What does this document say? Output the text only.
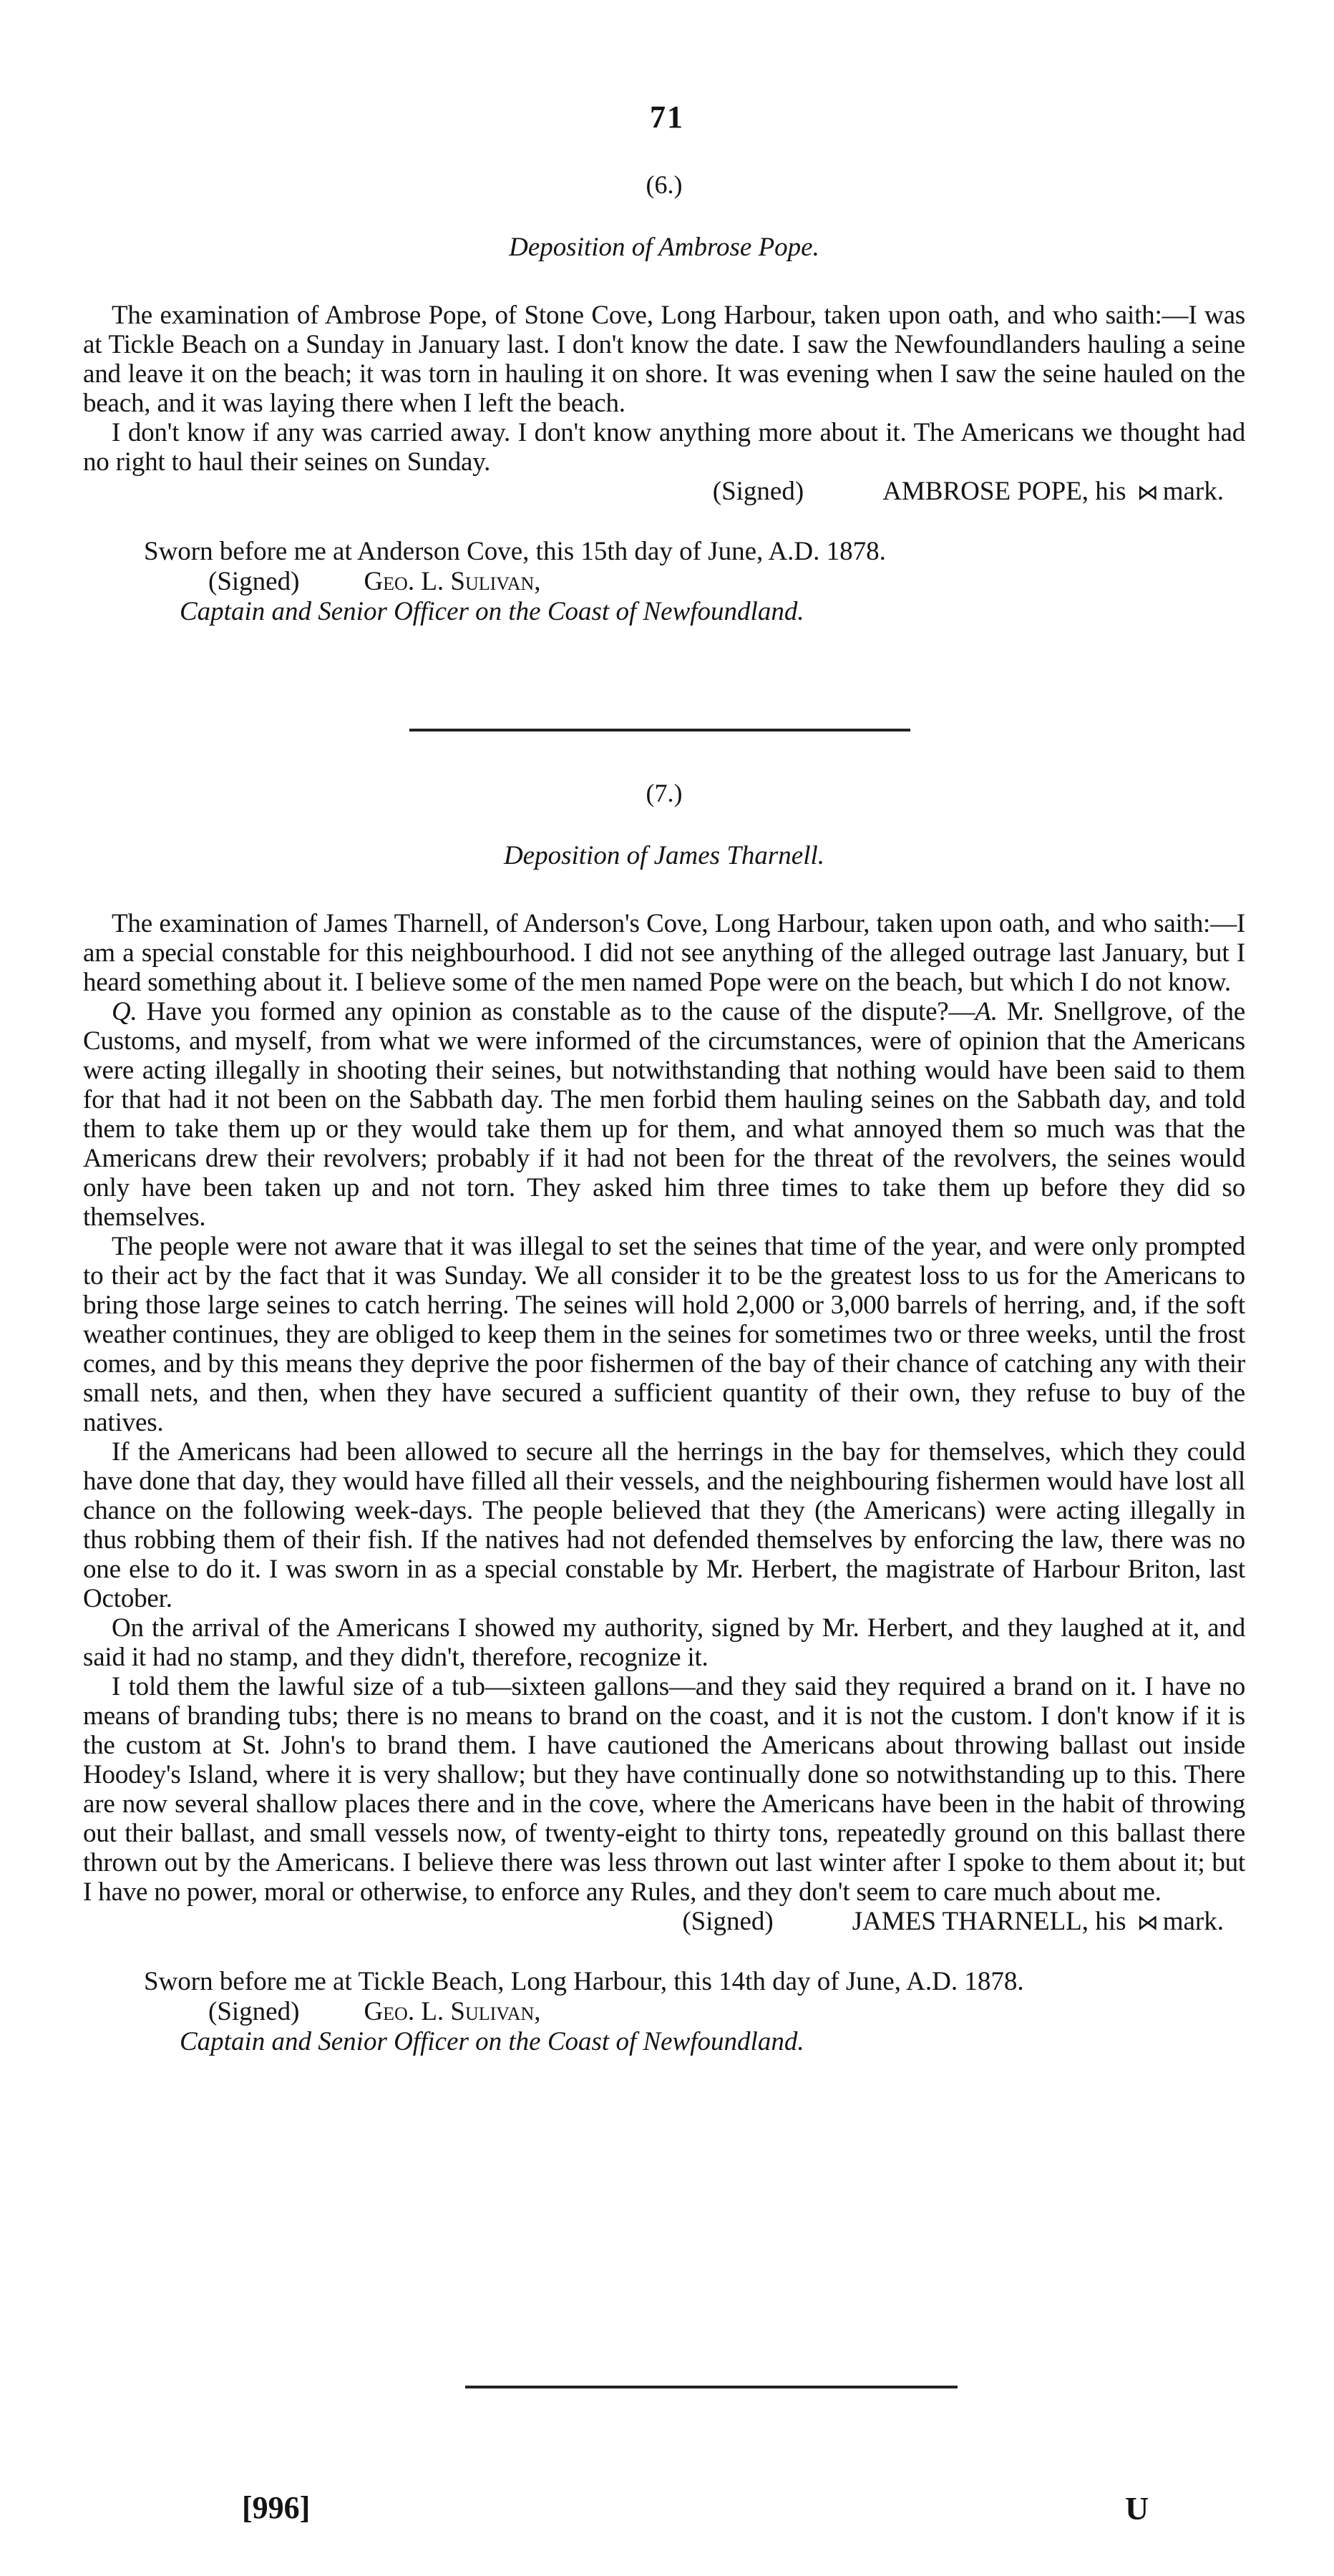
71
(6.)
Deposition of Ambrose Pope.

The examination of Ambrose Pope, of Stone Cove, Long Harbour, taken upon oath, and who saith:—I was at Tickle Beach on a Sunday in January last. I don't know the date. I saw the Newfoundlanders hauling a seine and leave it on the beach; it was torn in hauling it on shore. It was evening when I saw the seine hauled on the beach, and it was laying there when I left the beach.

I don't know if any was carried away. I don't know anything more about it. The Americans we thought had no right to haul their seines on Sunday.

(Signed)	AMBROSE POPE, his ⋈ mark.

Sworn before me at Anderson Cove, this 15th day of June, A.D. 1878.

(Signed) Geo. L. Sulivan,

Captain and Senior Officer on the Coast of Newfoundland.

(7.)
Deposition of James Tharnell.

The examination of James Tharnell, of Anderson's Cove, Long Harbour, taken upon oath, and who saith:—I am a special constable for this neighbourhood. I did not see anything of the alleged outrage last January, but I heard something about it. I believe some of the men named Pope were on the beach, but which I do not know.

Q. Have you formed any opinion as constable as to the cause of the dispute?—A. Mr. Snellgrove, of the Customs, and myself, from what we were informed of the circumstances, were of opinion that the Americans were acting illegally in shooting their seines, but notwithstanding that nothing would have been said to them for that had it not been on the Sabbath day. The men forbid them hauling seines on the Sabbath day, and told them to take them up or they would take them up for them, and what annoyed them so much was that the Americans drew their revolvers; probably if it had not been for the threat of the revolvers, the seines would only have been taken up and not torn. They asked him three times to take them up before they did so themselves.

The people were not aware that it was illegal to set the seines that time of the year, and were only prompted to their act by the fact that it was Sunday. We all consider it to be the greatest loss to us for the Americans to bring those large seines to catch herring. The seines will hold 2,000 or 3,000 barrels of herring, and, if the soft weather continues, they are obliged to keep them in the seines for sometimes two or three weeks, until the frost comes, and by this means they deprive the poor fishermen of the bay of their chance of catching any with their small nets, and then, when they have secured a sufficient quantity of their own, they refuse to buy of the natives.

If the Americans had been allowed to secure all the herrings in the bay for themselves, which they could have done that day, they would have filled all their vessels, and the neighbouring fishermen would have lost all chance on the following week-days. The people believed that they (the Americans) were acting illegally in thus robbing them of their fish. If the natives had not defended themselves by enforcing the law, there was no one else to do it. I was sworn in as a special constable by Mr. Herbert, the magistrate of Harbour Briton, last October.

On the arrival of the Americans I showed my authority, signed by Mr. Herbert, and they laughed at it, and said it had no stamp, and they didn't, therefore, recognize it.

I told them the lawful size of a tub—sixteen gallons—and they said they required a brand on it. I have no means of branding tubs; there is no means to brand on the coast, and it is not the custom. I don't know if it is the custom at St. John's to brand them. I have cautioned the Americans about throwing ballast out inside Hoodey's Island, where it is very shallow; but they have continually done so notwithstanding up to this. There are now several shallow places there and in the cove, where the Americans have been in the habit of throwing out their ballast, and small vessels now, of twenty-eight to thirty tons, repeatedly ground on this ballast there thrown out by the Americans. I believe there was less thrown out last winter after I spoke to them about it; but I have no power, moral or otherwise, to enforce any Rules, and they don't seem to care much about me.

(Signed)	JAMES THARNELL, his ⋈ mark.

Sworn before me at Tickle Beach, Long Harbour, this 14th day of June, A.D. 1878.

(Signed) Geo. L. Sulivan,

Captain and Senior Officer on the Coast of Newfoundland.

[996]	U
